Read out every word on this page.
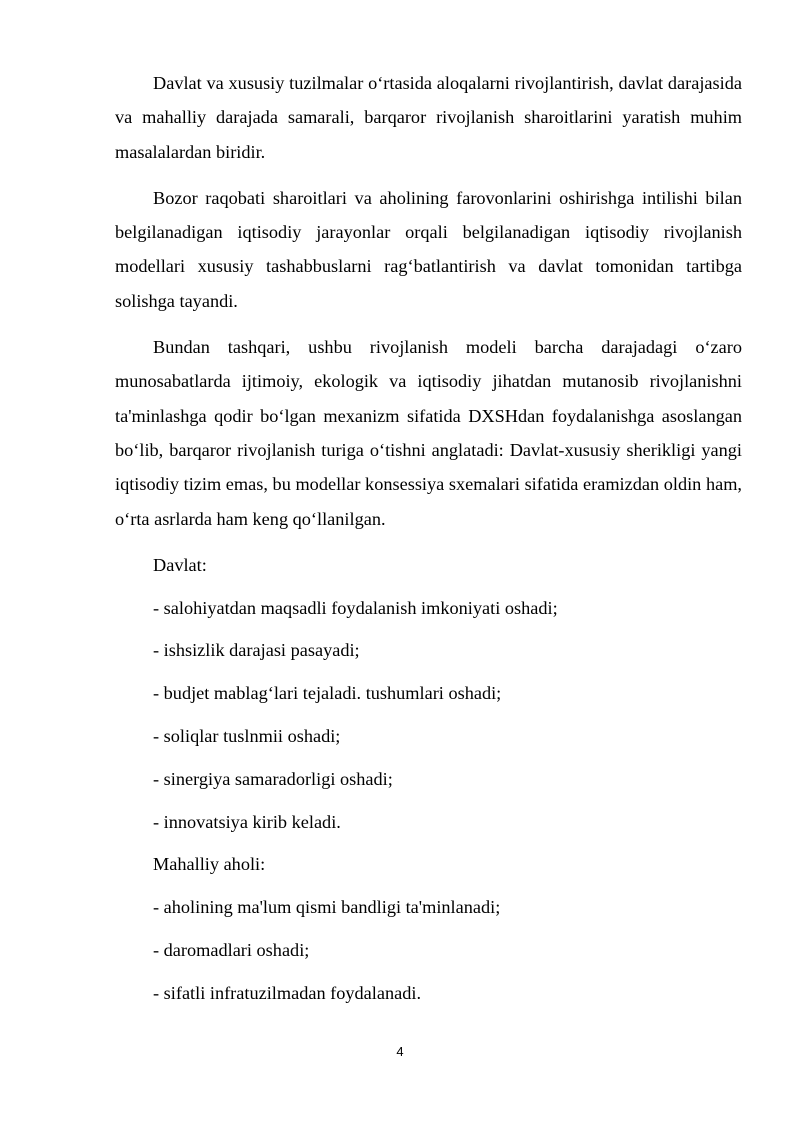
Davlat va xususiy tuzilmalar o‘rtasida aloqalarni rivojlantirish, davlat darajasida va mahalliy darajada samarali, barqaror rivojlanish sharoitlarini yaratish muhim masalalardan biridir.

Bozor raqobati sharoitlari va aholining farovonlarini oshirishga intilishi bilan belgilanadigan iqtisodiy jarayonlar orqali belgilanadigan iqtisodiy rivojlanish modellari xususiy tashabbuslarni rag‘batlantirish va davlat tomonidan tartibga solishga tayandi.

Bundan tashqari, ushbu rivojlanish modeli barcha darajadagi o‘zaro munosabatlarda ijtimoiy, ekologik va iqtisodiy jihatdan mutanosib rivojlanishni ta'minlashga qodir bo‘lgan mexanizm sifatida DXSHdan foydalanishga asoslangan bo‘lib, barqaror rivojlanish turiga o‘tishni anglatadi: Davlat-xususiy sherikligi yangi iqtisodiy tizim emas, bu modellar konsessiya sxemalari sifatida eramizdan oldin ham, o‘rta asrlarda ham keng qo‘llanilgan.

Davlat:

- salohiyatdan maqsadli foydalanish imkoniyati oshadi;

- ishsizlik darajasi pasayadi;

- budjet mablag‘lari tejaladi. tushumlari oshadi;

- soliqlar tuslnmii oshadi;

- sinergiya samaradorligi oshadi;

- innovatsiya kirib keladi.

Mahalliy aholi:

- aholining ma'lum qismi bandligi ta'minlanadi;

- daromadlari oshadi;

- sifatli infratuzilmadan foydalanadi.

4
